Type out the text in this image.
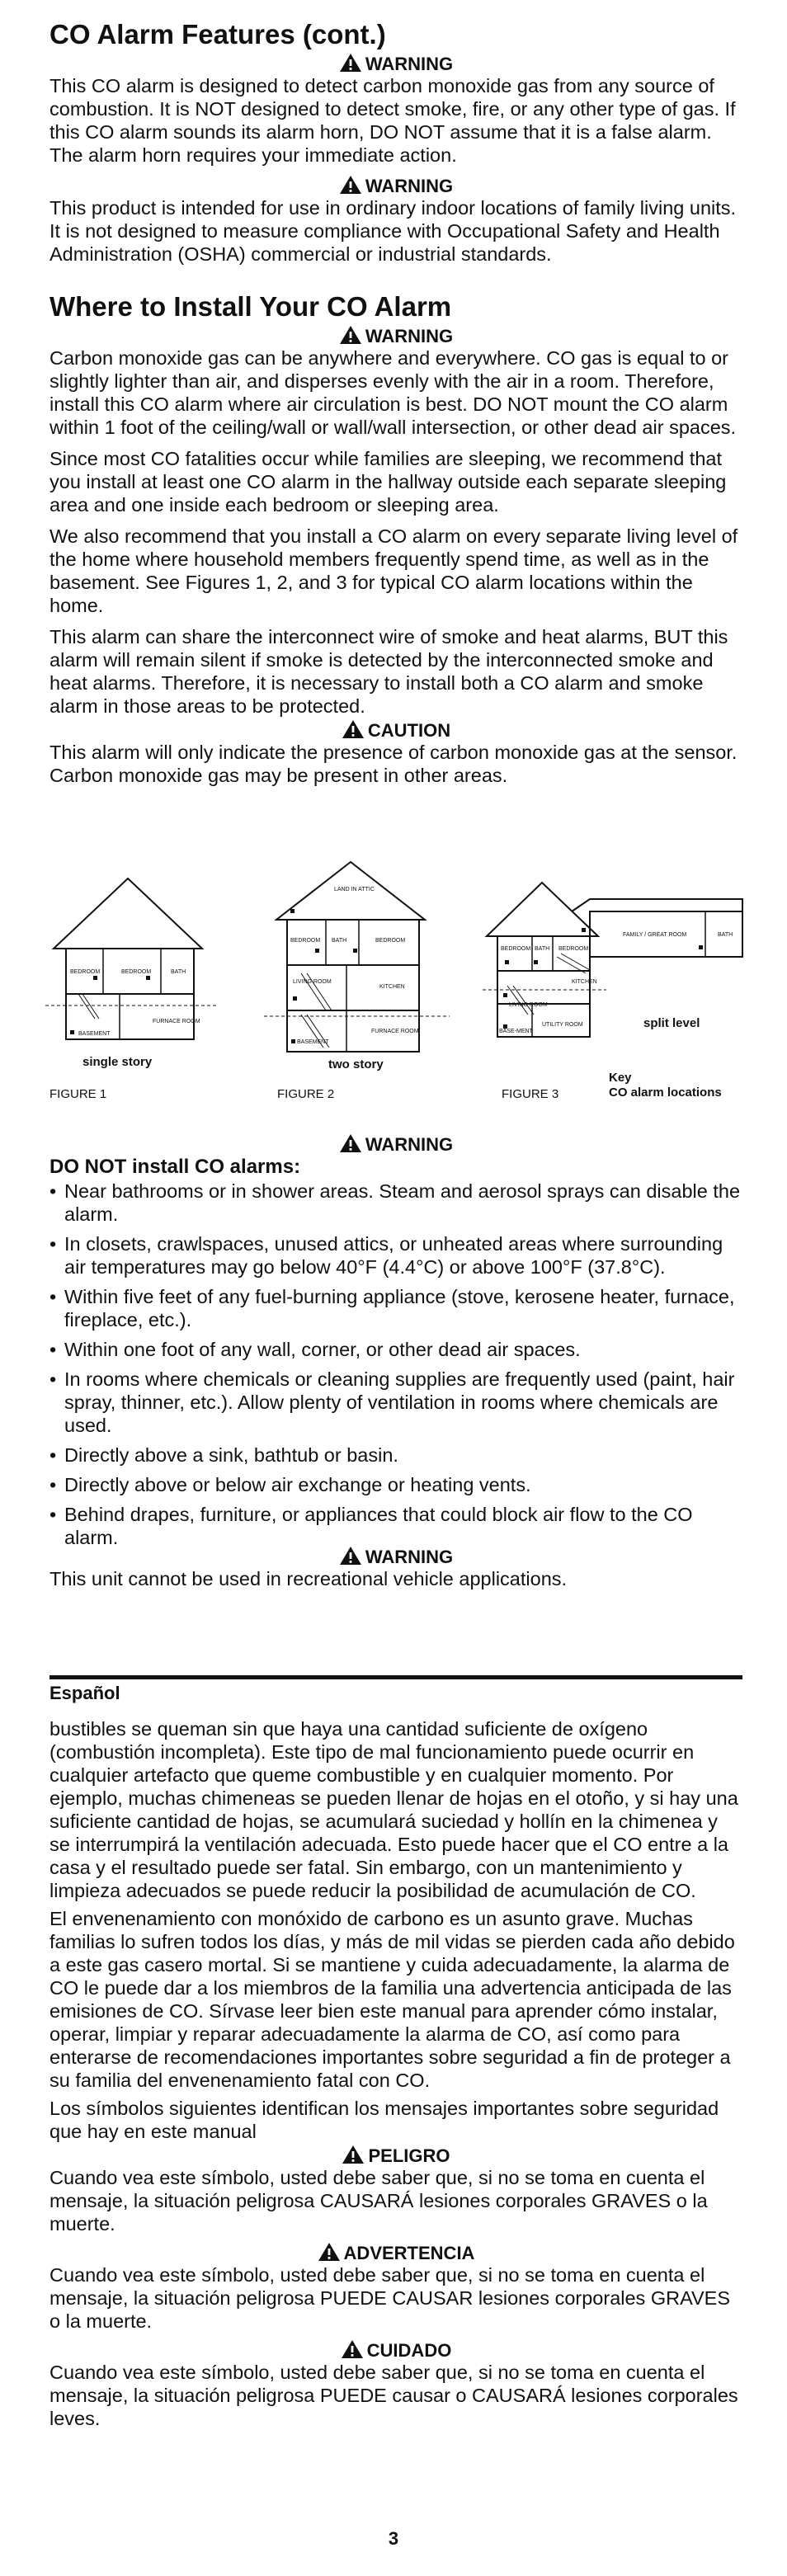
CO Alarm Features (cont.)
WARNING

This CO alarm is designed to detect carbon monoxide gas from any source of combustion. It is NOT designed to detect smoke, fire, or any other type of gas. If this CO alarm sounds its alarm horn, DO NOT assume that it is a false alarm. The alarm horn requires your immediate action.

WARNING

This product is intended for use in ordinary indoor locations of family living units. It is not designed to measure compliance with Occupational Safety and Health Administration (OSHA) commercial or industrial standards.

Where to Install Your CO Alarm
WARNING

Carbon monoxide gas can be anywhere and everywhere. CO gas is equal to or slightly lighter than air, and disperses evenly with the air in a room. Therefore, install this CO alarm where air circulation is best. DO NOT mount the CO alarm within 1 foot of the ceiling/wall or wall/wall intersection, or other dead air spaces.

Since most CO fatalities occur while families are sleeping, we recommend that you install at least one CO alarm in the hallway outside each separate sleeping area and one inside each bedroom or sleeping area.

We also recommend that you install a CO alarm on every separate living level of the home where household members frequently spend time, as well as in the basement. See Figures 1, 2, and 3 for typical CO alarm locations within the home.

This alarm can share the interconnect wire of smoke and heat alarms, BUT this alarm will remain silent if smoke is detected by the interconnected smoke and heat alarms. Therefore, it is necessary to install both a CO alarm and smoke alarm in those areas to be protected.

CAUTION

This alarm will only indicate the presence of carbon monoxide gas at the sensor. Carbon monoxide gas may be present in other areas.

BEDROOM	BEDROOM	BATH
FURNACE ROOM
BASEMENT
single story
FIGURE 1
LAND IN ATTIC
BEDROOM BATH	BEDROOM
LIVING ROOM
KITCHEN
FURNACE ROOM
BASEMENT
two story
FIGURE 2
BEDROOM BATH BEDROOM
FAMILY / GREAT ROOM	BATH
KITCHEN
LIVING ROOM
BASE-MENT
UTILITY ROOM	split level
FIGURE 3
Key
CO alarm locations
WARNING
DO NOT install CO alarms:
• Near bathrooms or in shower areas. Steam and aerosol sprays can disable the alarm.
• In closets, crawlspaces, unused attics, or unheated areas where surrounding air temperatures may go below 40°F (4.4°C) or above 100°F (37.8°C).
• Within five feet of any fuel-burning appliance (stove, kerosene heater, furnace, fireplace, etc.).
• Within one foot of any wall, corner, or other dead air spaces.
• In rooms where chemicals or cleaning supplies are frequently used (paint, hair spray, thinner, etc.). Allow plenty of ventilation in rooms where chemicals are used.
• Directly above a sink, bathtub or basin.
• Directly above or below air exchange or heating vents.
• Behind drapes, furniture, or appliances that could block air flow to the CO alarm.
WARNING

This unit cannot be used in recreational vehicle applications.

Español

bustibles se queman sin que haya una cantidad suficiente de oxígeno (combustión incompleta). Este tipo de mal funcionamiento puede ocurrir en cualquier artefacto que queme combustible y en cualquier momento. Por ejemplo, muchas chimeneas se pueden llenar de hojas en el otoño, y si hay una suficiente cantidad de hojas, se acumulará suciedad y hollín en la chimenea y se interrumpirá la ventilación adecuada. Esto puede hacer que el CO entre a la casa y el resultado puede ser fatal. Sin embargo, con un mantenimiento y limpieza adecuados se puede reducir la posibilidad de acumulación de CO.

El envenenamiento con monóxido de carbono es un asunto grave. Muchas familias lo sufren todos los días, y más de mil vidas se pierden cada año debido a este gas casero mortal. Si se mantiene y cuida adecuadamente, la alarma de CO le puede dar a los miembros de la familia una advertencia anticipada de las emisiones de CO. Sírvase leer bien este manual para aprender cómo instalar, operar, limpiar y reparar adecuadamente la alarma de CO, así como para enterarse de recomendaciones importantes sobre seguridad a fin de proteger a su familia del envenenamiento fatal con CO.

Los símbolos siguientes identifican los mensajes importantes sobre seguridad que hay en este manual

PELIGRO

Cuando vea este símbolo, usted debe saber que, si no se toma en cuenta el mensaje, la situación peligrosa CAUSARÁ lesiones corporales GRAVES o la muerte.

ADVERTENCIA

Cuando vea este símbolo, usted debe saber que, si no se toma en cuenta el mensaje, la situación peligrosa PUEDE CAUSAR lesiones corporales GRAVES o la muerte.

CUIDADO

Cuando vea este símbolo, usted debe saber que, si no se toma en cuenta el mensaje, la situación peligrosa PUEDE causar o CAUSARÁ lesiones corporales leves.

3
